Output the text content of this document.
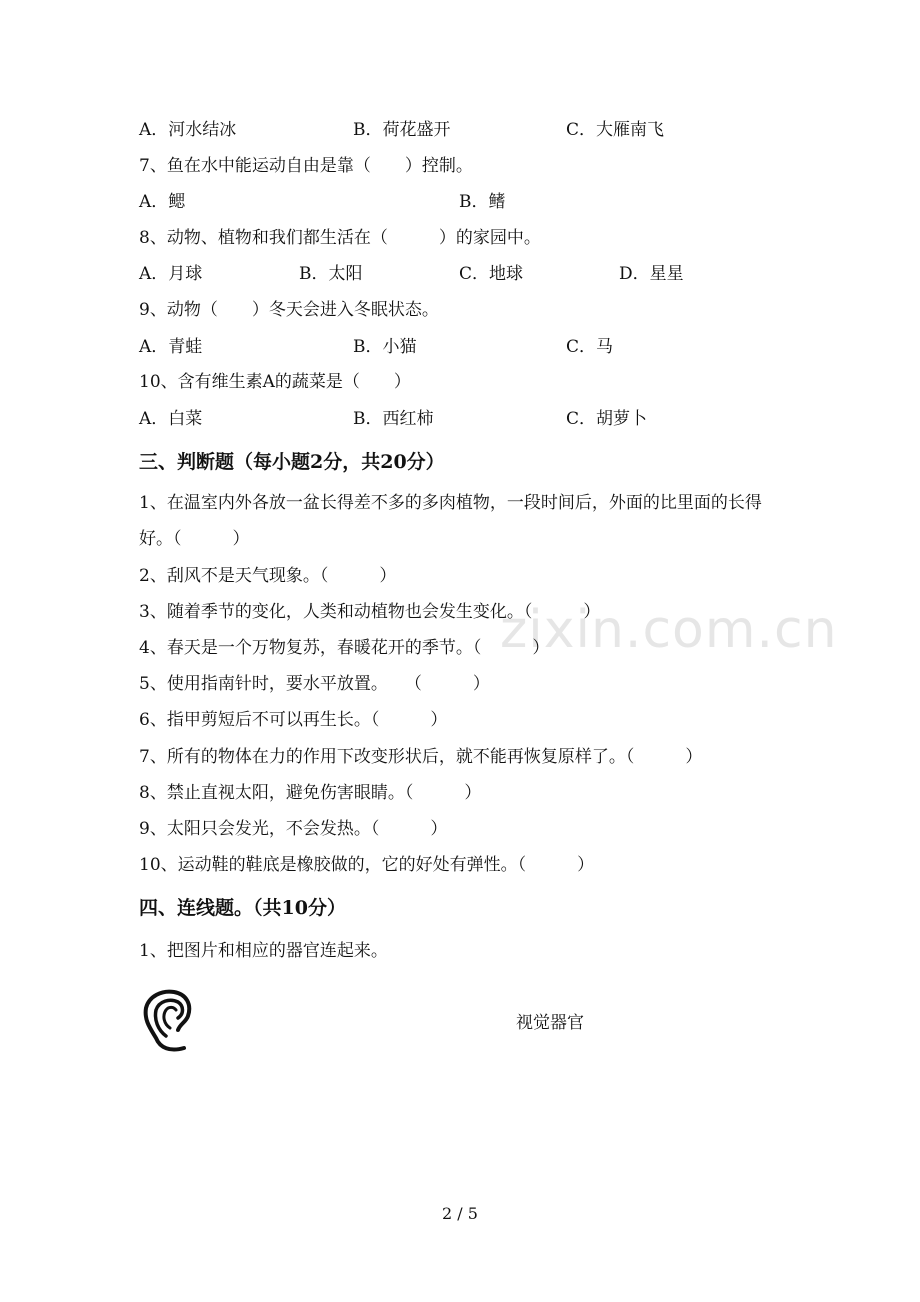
zixin.com.cn
A．河水结冰	B．荷花盛开	C．大雁南飞
7、鱼在水中能运动自由是靠（　　）控制。
A．鳃	B．鳍
8、动物、植物和我们都生活在（　　　）的家园中。
A．月球	B．太阳	C．地球	D．星星
9、动物（　　）冬天会进入冬眠状态。
A．青蛙	B．小猫	C．马
10、含有维生素A的蔬菜是（　　）
A．白菜	B．西红柿	C．胡萝卜
三、判断题（每小题2分，共20分）
1、在温室内外各放一盆长得差不多的多肉植物，一段时间后，外面的比里面的长得好。（　　　）
2、刮风不是天气现象。（　　　）
3、随着季节的变化，人类和动植物也会发生变化。（　　　）
4、春天是一个万物复苏，春暖花开的季节。（　　　）
5、使用指南针时，要水平放置。　　（　　　）
6、指甲剪短后不可以再生长。（　　　）
7、所有的物体在力的作用下改变形状后，就不能再恢复原样了。（　　　）
8、禁止直视太阳，避免伤害眼睛。（　　　）
9、太阳只会发光，不会发热。（　　　）
10、运动鞋的鞋底是橡胶做的，它的好处有弹性。（　　　）
四、连线题。（共10分）
1、把图片和相应的器官连起来。
视觉器官
2 / 5
